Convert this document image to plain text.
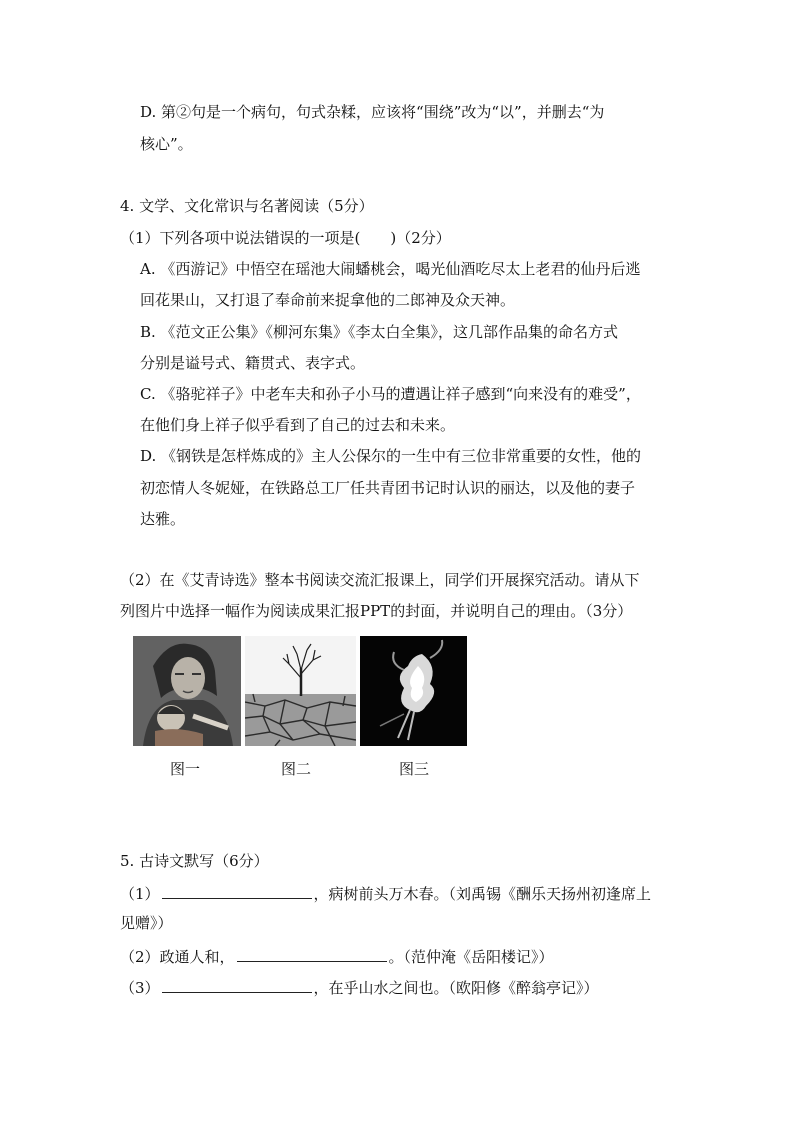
D. 第②句是一个病句，句式杂糅，应该将“围绕”改为“以”，并删去“为
核心”。
4. 文学、文化常识与名著阅读（5分）
（1）下列各项中说法错误的一项是(　　)（2分）
A. 《西游记》中悟空在瑶池大闹蟠桃会，喝光仙酒吃尽太上老君的仙丹后逃
回花果山，又打退了奉命前来捉拿他的二郎神及众天神。
B. 《范文正公集》《柳河东集》《李太白全集》，这几部作品集的命名方式
分别是谥号式、籍贯式、表字式。
C. 《骆驼祥子》中老车夫和孙子小马的遭遇让祥子感到“向来没有的难受”，
在他们身上祥子似乎看到了自己的过去和未来。
D. 《钢铁是怎样炼成的》主人公保尔的一生中有三位非常重要的女性，他的
初恋情人冬妮娅，在铁路总工厂任共青团书记时认识的丽达，以及他的妻子
达雅。
（2）在《艾青诗选》整本书阅读交流汇报课上，同学们开展探究活动。请从下
列图片中选择一幅作为阅读成果汇报PPT的封面，并说明自己的理由。（3分）
图一	图二	图三
5. 古诗文默写（6分）
（1）	，病树前头万木春。（刘禹锡《酬乐天扬州初逢席上
见赠》）
（2）政通人和，	。（范仲淹《岳阳楼记》）
（3）	，在乎山水之间也。（欧阳修《醉翁亭记》）
